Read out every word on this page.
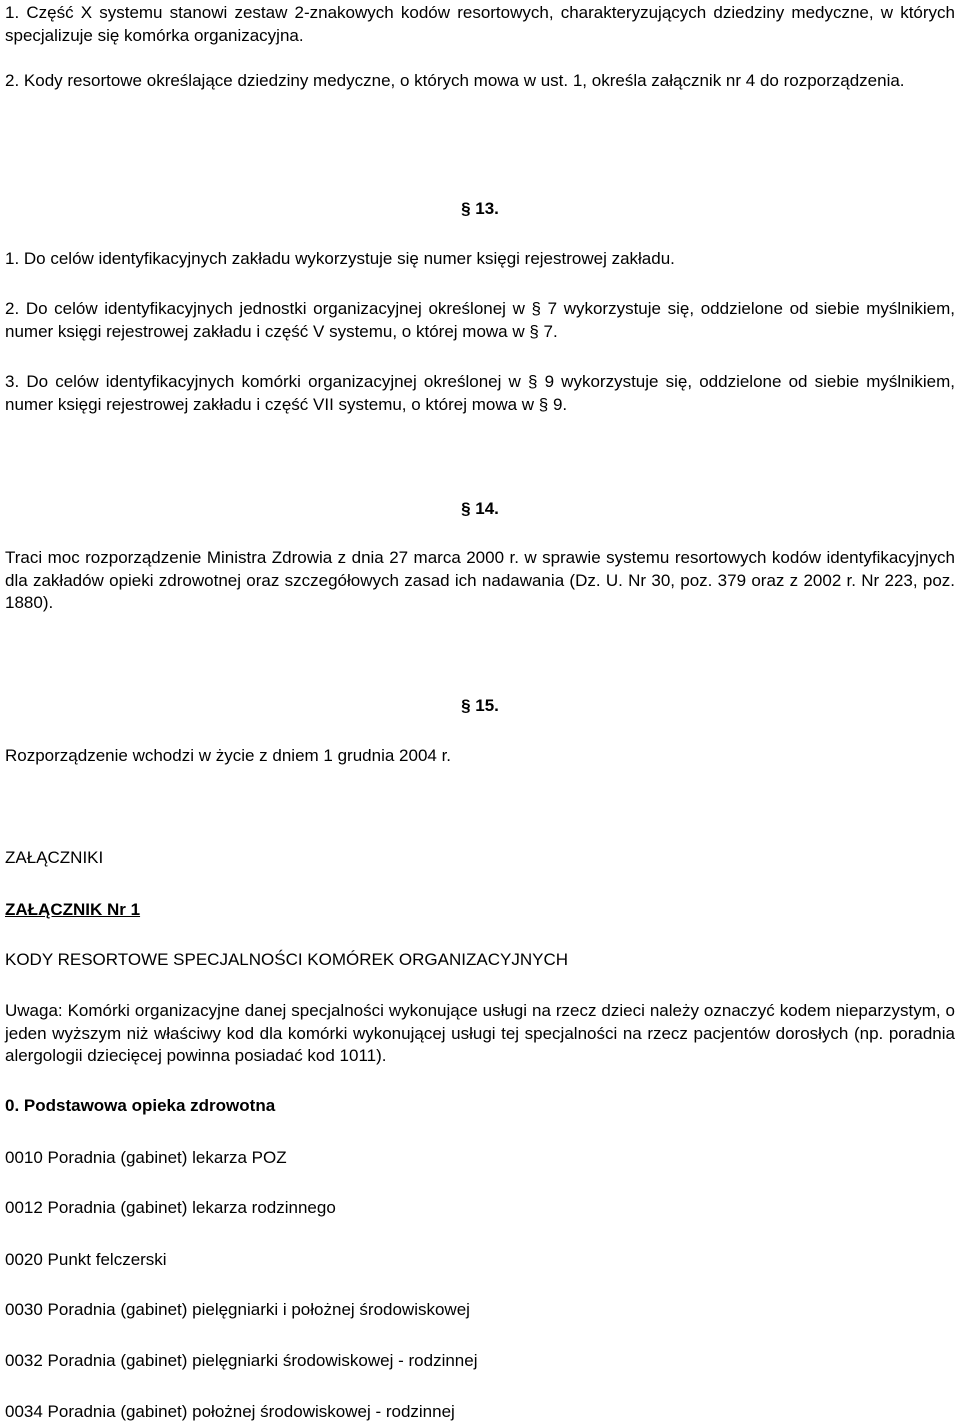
1. Część X systemu stanowi zestaw 2-znakowych kodów resortowych, charakteryzujących dziedziny medyczne, w których specjalizuje się komórka organizacyjna.

2. Kody resortowe określające dziedziny medyczne, o których mowa w ust. 1, określa załącznik nr 4 do rozporządzenia.

§ 13.

1. Do celów identyfikacyjnych zakładu wykorzystuje się numer księgi rejestrowej zakładu.

2. Do celów identyfikacyjnych jednostki organizacyjnej określonej w § 7 wykorzystuje się, oddzielone od siebie myślnikiem, numer księgi rejestrowej zakładu i część V systemu, o której mowa w § 7.

3. Do celów identyfikacyjnych komórki organizacyjnej określonej w § 9 wykorzystuje się, oddzielone od siebie myślnikiem, numer księgi rejestrowej zakładu i część VII systemu, o której mowa w § 9.

§ 14.

Traci moc rozporządzenie Ministra Zdrowia z dnia 27 marca 2000 r. w sprawie systemu resortowych kodów identyfikacyjnych dla zakładów opieki zdrowotnej oraz szczegółowych zasad ich nadawania (Dz. U. Nr 30, poz. 379 oraz z 2002 r. Nr 223, poz. 1880).

§ 15.

Rozporządzenie wchodzi w życie z dniem 1 grudnia 2004 r.

ZAŁĄCZNIKI

ZAŁĄCZNIK Nr 1

KODY RESORTOWE SPECJALNOŚCI KOMÓREK ORGANIZACYJNYCH

Uwaga: Komórki organizacyjne danej specjalności wykonujące usługi na rzecz dzieci należy oznaczyć kodem nieparzystym, o jeden wyższym niż właściwy kod dla komórki wykonującej usługi tej specjalności na rzecz pacjentów dorosłych (np. poradnia alergologii dziecięcej powinna posiadać kod 1011).

0. Podstawowa opieka zdrowotna

0010 Poradnia (gabinet) lekarza POZ

0012 Poradnia (gabinet) lekarza rodzinnego

0020 Punkt felczerski

0030 Poradnia (gabinet) pielęgniarki i położnej środowiskowej

0032 Poradnia (gabinet) pielęgniarki środowiskowej - rodzinnej

0034 Poradnia (gabinet) położnej środowiskowej - rodzinnej
